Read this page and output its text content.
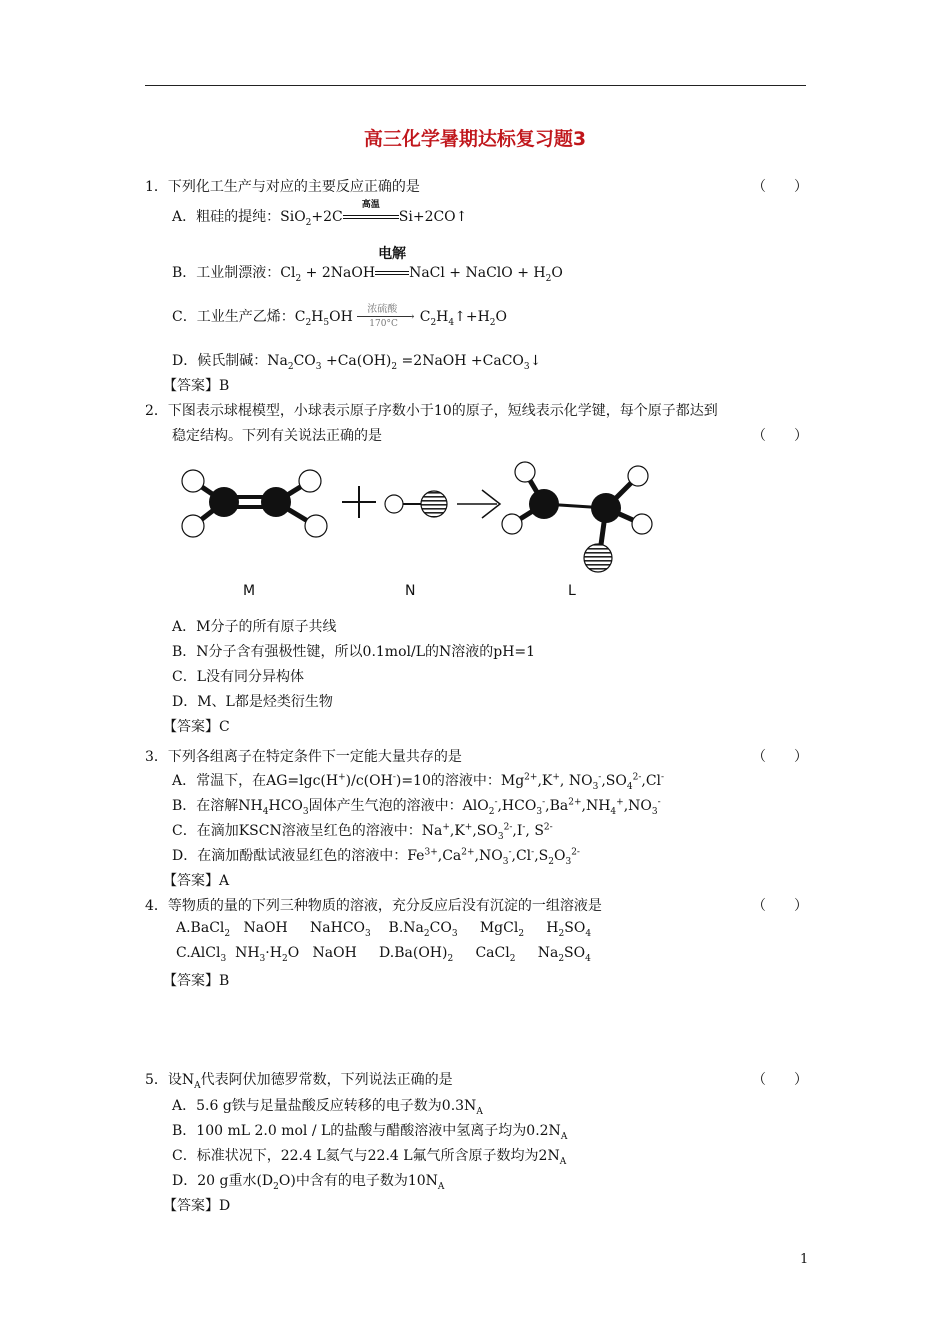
高三化学暑期达标复习题3
1．下列化工生产与对应的主要反应正确的是	（　　）
A．粗硅的提纯：SiO$_2$+2C
高温
Si+2CO↑
B．工业制漂液：$Cl_2$ + 2NaOH
电解
NaCl + NaClO + $H_2O$
C．工业生产乙烯：$C_2H_5OH$ 浓硫酸
→
170°C $C_2H_4↑+H_2O$
D．候氏制碱：$Na_2CO_3 +Ca(OH)_2$ =2NaOH +CaCO$_3$↓
【答案】B
2．下图表示球棍模型，小球表示原子序数小于10的原子，短线表示化学键，每个原子都达到
稳定结构。下列有关说法正确的是	（　　）
M	N	L
A．M分子的所有原子共线
B．N分子含有强极性键，所以0.1mol/L的N溶液的pH=1
C．L没有同分异构体
D．M、L都是烃类衍生物
【答案】C
3．下列各组离子在特定条件下一定能大量共存的是	（　　）
A．常温下，在AG=lgc(H+)/c(OH-)=10的溶液中：$Mg^{2+},K^+$, $NO_3^-,SO_4^{2-},Cl^-$
B．在溶解$NH_4HCO_3$固体产生气泡的溶液中：$AlO_2^-,HCO_3^-,Ba^{2+},NH_4^+,NO_3^-$
C．在滴加KSCN溶液呈红色的溶液中：$Na^+,K^+,SO_3^{2-},I^-$, $S^{2-}$
D．在滴加酚酞试液显红色的溶液中：$Fe^{3+},Ca^{2+},NO_3^-,Cl^-,S_2O_3^{2-}$
【答案】A
4．等物质的量的下列三种物质的溶液，充分反应后没有沉淀的一组溶液是	（　　）
A.BaCl$_2$   NaOH     NaHCO$_3$    $B.Na_2CO_3$     MgCl$_2$     $H_2SO_4$
C.AlCl$_3$  $NH_3\cdot H_2O$   NaOH     $D.Ba(OH)_2$     CaCl$_2$     $Na_2SO_4$
【答案】B
5．设$N_A$代表阿伏加德罗常数，下列说法正确的是	（　　）
A．5.6 g铁与足量盐酸反应转移的电子数为$0.3N_A$
B．100 mL 2.0 mol / L的盐酸与醋酸溶液中氢离子均为$0.2N_A$
C．标准状况下，22.4 L氦气与22.4 L氟气所含原子数均为$2N_A$
D．20 g重水$(D_2O)$中含有的电子数为$10N_A$
【答案】D
1
